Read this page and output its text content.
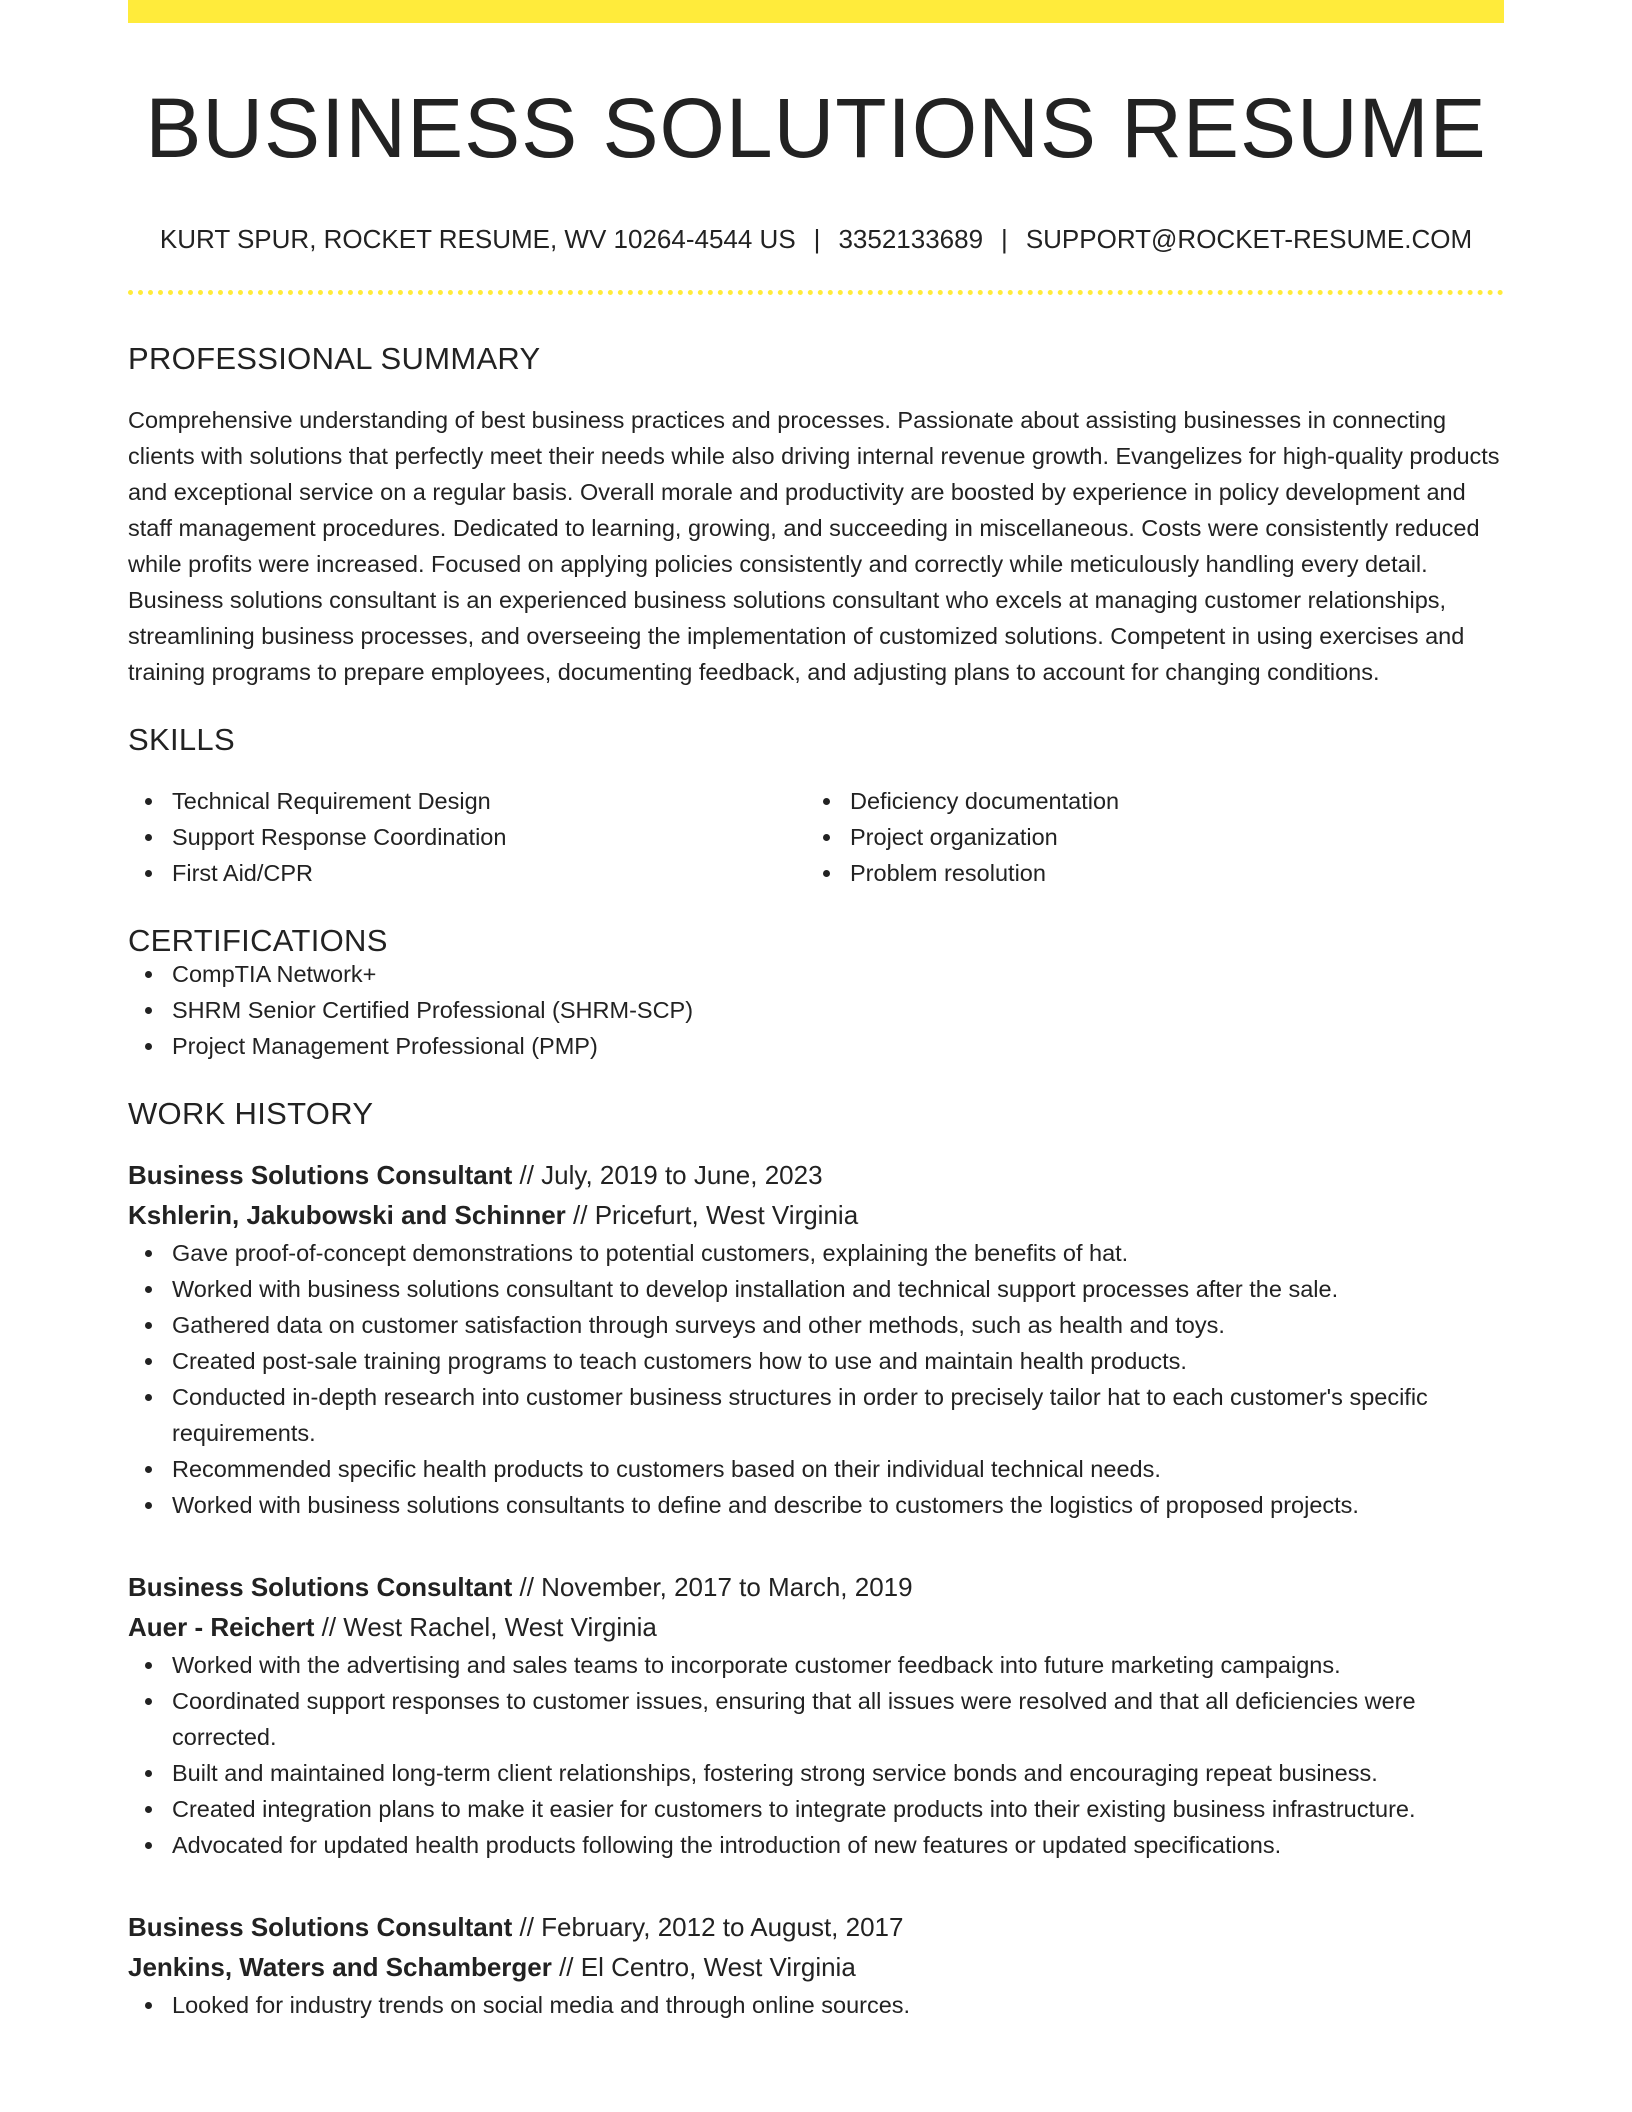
BUSINESS SOLUTIONS RESUME
KURT SPUR, ROCKET RESUME, WV 10264-4544 US | 3352133689 | SUPPORT@ROCKET-RESUME.COM
PROFESSIONAL SUMMARY

Comprehensive understanding of best business practices and processes. Passionate about assisting businesses in connecting clients with solutions that perfectly meet their needs while also driving internal revenue growth. Evangelizes for high-quality products and exceptional service on a regular basis. Overall morale and productivity are boosted by experience in policy development and staff management procedures. Dedicated to learning, growing, and succeeding in miscellaneous. Costs were consistently reduced while profits were increased. Focused on applying policies consistently and correctly while meticulously handling every detail. Business solutions consultant is an experienced business solutions consultant who excels at managing customer relationships, streamlining business processes, and overseeing the implementation of customized solutions. Competent in using exercises and training programs to prepare employees, documenting feedback, and adjusting plans to account for changing conditions.

SKILLS
Technical Requirement Design
Support Response Coordination
First Aid/CPR
Deficiency documentation
Project organization
Problem resolution
CERTIFICATIONS
CompTIA Network+
SHRM Senior Certified Professional (SHRM-SCP)
Project Management Professional (PMP)
WORK HISTORY
Business Solutions Consultant // July, 2019 to June, 2023
Kshlerin, Jakubowski and Schinner // Pricefurt, West Virginia
Gave proof-of-concept demonstrations to potential customers, explaining the benefits of hat.
Worked with business solutions consultant to develop installation and technical support processes after the sale.
Gathered data on customer satisfaction through surveys and other methods, such as health and toys.
Created post-sale training programs to teach customers how to use and maintain health products.
Conducted in-depth research into customer business structures in order to precisely tailor hat to each customer's specific requirements.
Recommended specific health products to customers based on their individual technical needs.
Worked with business solutions consultants to define and describe to customers the logistics of proposed projects.
Business Solutions Consultant // November, 2017 to March, 2019
Auer - Reichert // West Rachel, West Virginia
Worked with the advertising and sales teams to incorporate customer feedback into future marketing campaigns.
Coordinated support responses to customer issues, ensuring that all issues were resolved and that all deficiencies were corrected.
Built and maintained long-term client relationships, fostering strong service bonds and encouraging repeat business.
Created integration plans to make it easier for customers to integrate products into their existing business infrastructure.
Advocated for updated health products following the introduction of new features or updated specifications.
Business Solutions Consultant // February, 2012 to August, 2017
Jenkins, Waters and Schamberger // El Centro, West Virginia
Looked for industry trends on social media and through online sources.
